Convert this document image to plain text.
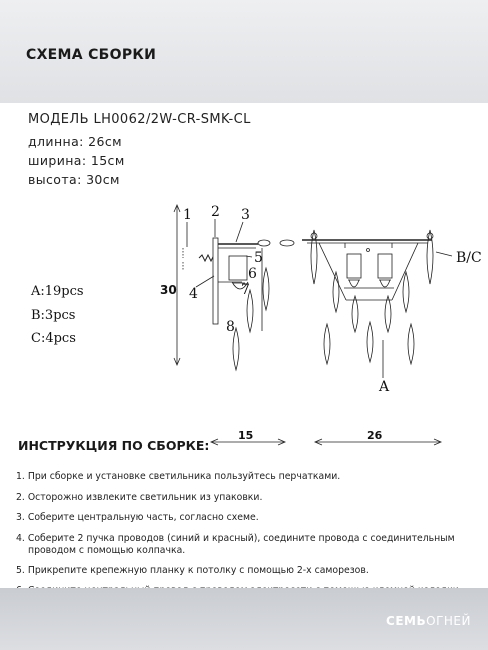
СХЕМА СБОРКИ
МОДЕЛЬ LH0062/2W-CR-SMK-CL
длинна: 26см
ширина: 15см
высота: 30см
A:19pcs
B:3pcs
C:4pcs
30
1 2 3
4
5
6
7
8
B/C
A
15	26
ИНСТРУКЦИЯ ПО СБОРКЕ:
1. При сборке и установке светильника пользуйтесь перчатками.
2. Осторожно извлеките светильник из упаковки.
3. Соберите центральную часть, согласно схеме.
4. Соберите 2 пучка проводов (синий и красный), соедините провода с соединительным
проводом с помощью колпачка.
5. Прикрепите крепежную планку к потолку с помощью 2-х саморезов.
СЕМЬОГНЕЙ
